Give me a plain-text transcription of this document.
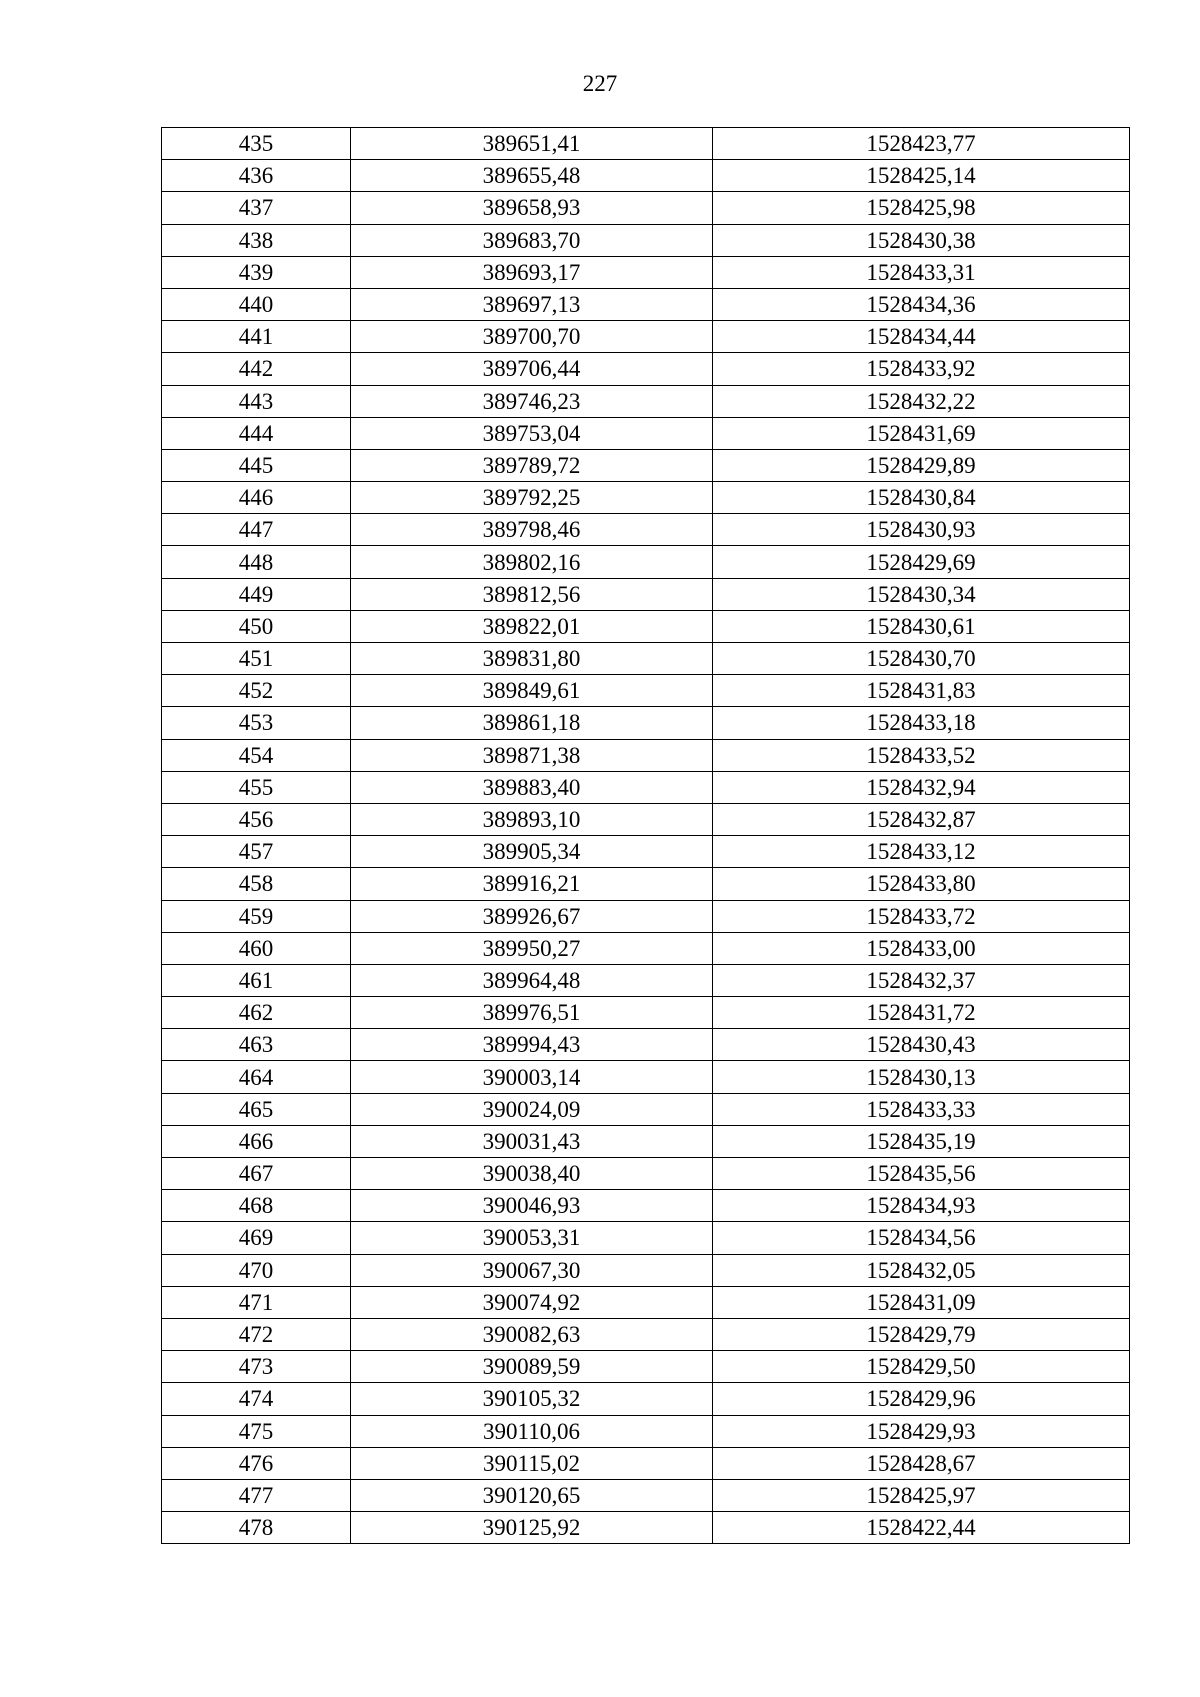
227
435	389651,41	1528423,77
436	389655,48	1528425,14
437	389658,93	1528425,98
438	389683,70	1528430,38
439	389693,17	1528433,31
440	389697,13	1528434,36
441	389700,70	1528434,44
442	389706,44	1528433,92
443	389746,23	1528432,22
444	389753,04	1528431,69
445	389789,72	1528429,89
446	389792,25	1528430,84
447	389798,46	1528430,93
448	389802,16	1528429,69
449	389812,56	1528430,34
450	389822,01	1528430,61
451	389831,80	1528430,70
452	389849,61	1528431,83
453	389861,18	1528433,18
454	389871,38	1528433,52
455	389883,40	1528432,94
456	389893,10	1528432,87
457	389905,34	1528433,12
458	389916,21	1528433,80
459	389926,67	1528433,72
460	389950,27	1528433,00
461	389964,48	1528432,37
462	389976,51	1528431,72
463	389994,43	1528430,43
464	390003,14	1528430,13
465	390024,09	1528433,33
466	390031,43	1528435,19
467	390038,40	1528435,56
468	390046,93	1528434,93
469	390053,31	1528434,56
470	390067,30	1528432,05
471	390074,92	1528431,09
472	390082,63	1528429,79
473	390089,59	1528429,50
474	390105,32	1528429,96
475	390110,06	1528429,93
476	390115,02	1528428,67
477	390120,65	1528425,97
478	390125,92	1528422,44
